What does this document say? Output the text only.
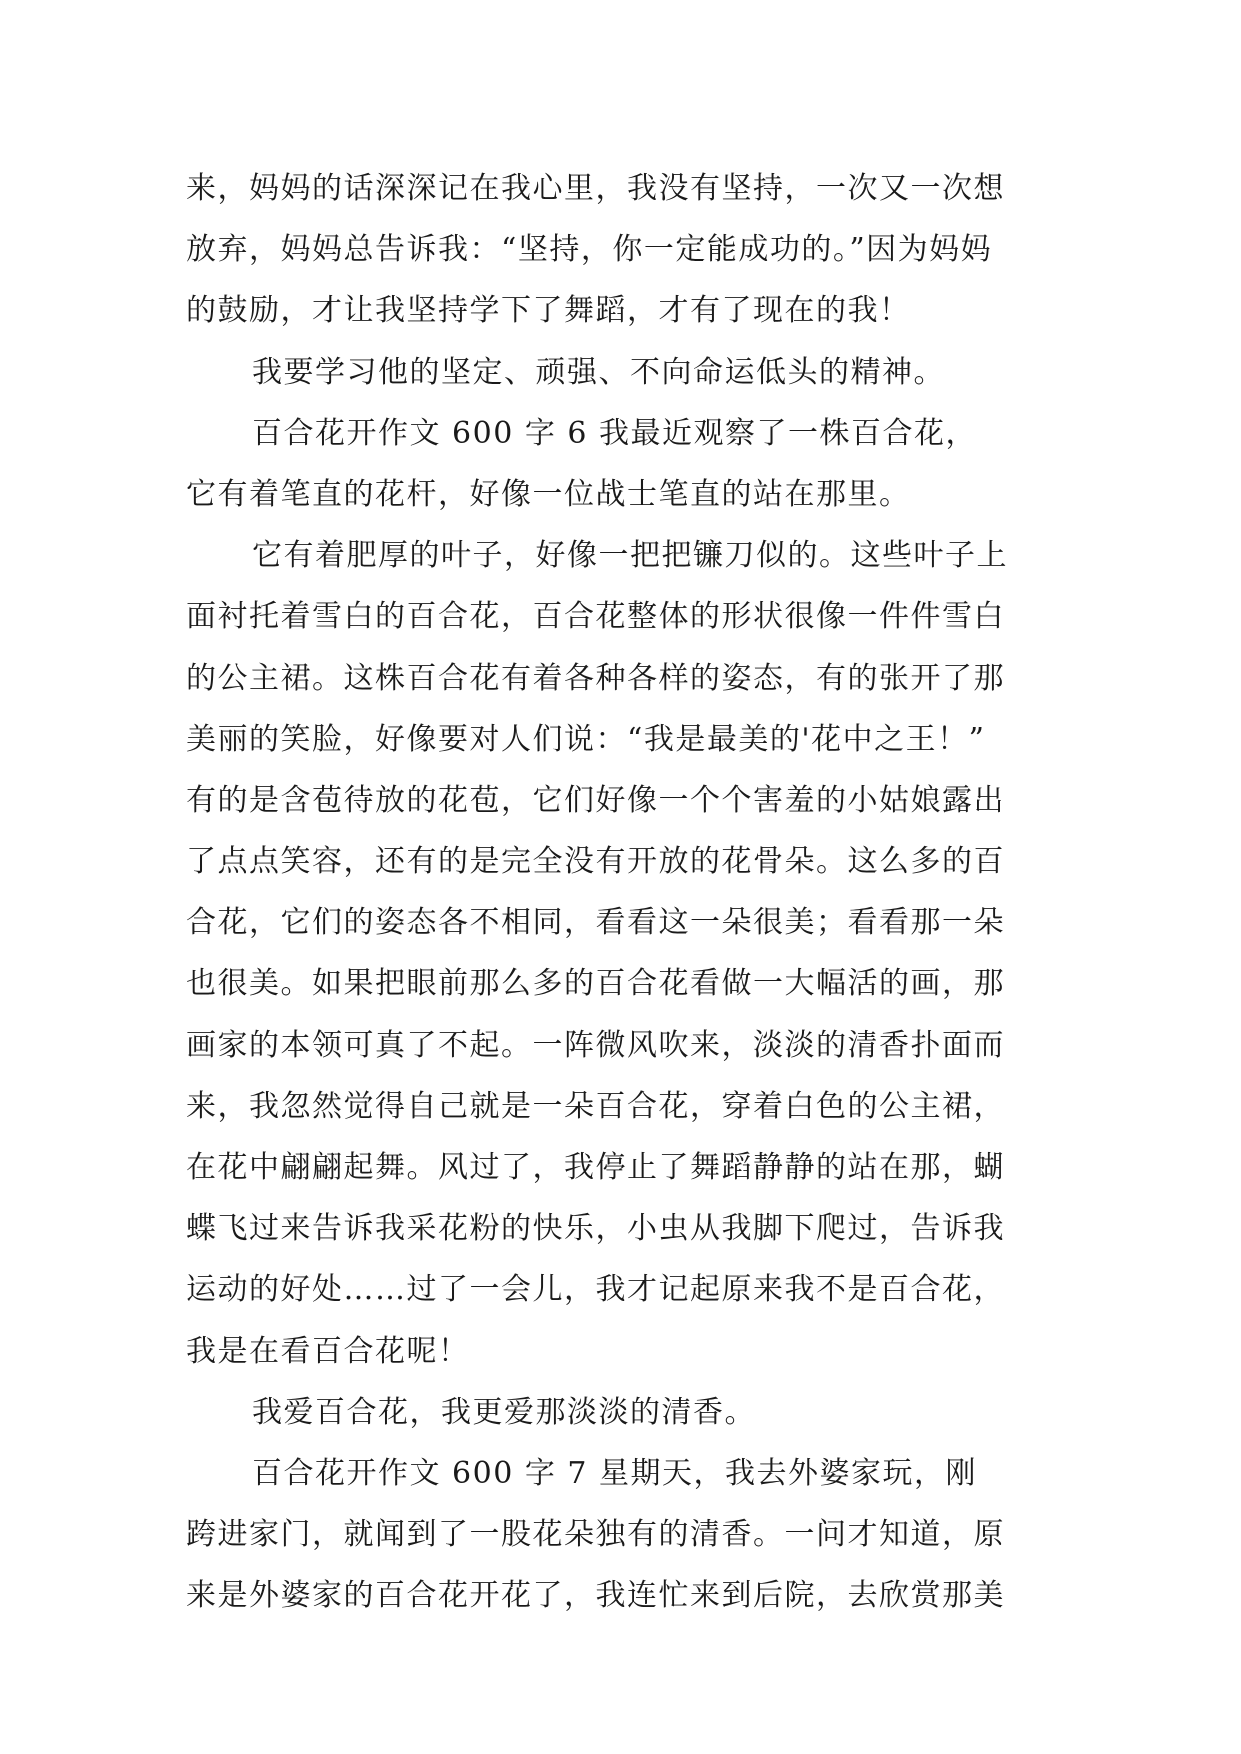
来，妈妈的话深深记在我心里，我没有坚持，一次又一次想
放弃，妈妈总告诉我：“坚持，你一定能成功的。”因为妈妈
的鼓励，才让我坚持学下了舞蹈，才有了现在的我！
我要学习他的坚定、顽强、不向命运低头的精神。
百合花开作文 600 字 6 我最近观察了一株百合花，
它有着笔直的花杆，好像一位战士笔直的站在那里。
它有着肥厚的叶子，好像一把把镰刀似的。这些叶子上
面衬托着雪白的百合花，百合花整体的形状很像一件件雪白
的公主裙。这株百合花有着各种各样的姿态，有的张开了那
美丽的笑脸，好像要对人们说：“我是最美的'花中之王！”
有的是含苞待放的花苞，它们好像一个个害羞的小姑娘露出
了点点笑容，还有的是完全没有开放的花骨朵。这么多的百
合花，它们的姿态各不相同，看看这一朵很美；看看那一朵
也很美。如果把眼前那么多的百合花看做一大幅活的画，那
画家的本领可真了不起。一阵微风吹来，淡淡的清香扑面而
来，我忽然觉得自己就是一朵百合花，穿着白色的公主裙，
在花中翩翩起舞。风过了，我停止了舞蹈静静的站在那，蝴
蝶飞过来告诉我采花粉的快乐，小虫从我脚下爬过，告诉我
运动的好处……过了一会儿，我才记起原来我不是百合花，
我是在看百合花呢！
我爱百合花，我更爱那淡淡的清香。
百合花开作文 600 字 7 星期天，我去外婆家玩，刚
跨进家门，就闻到了一股花朵独有的清香。一问才知道，原
来是外婆家的百合花开花了，我连忙来到后院，去欣赏那美
